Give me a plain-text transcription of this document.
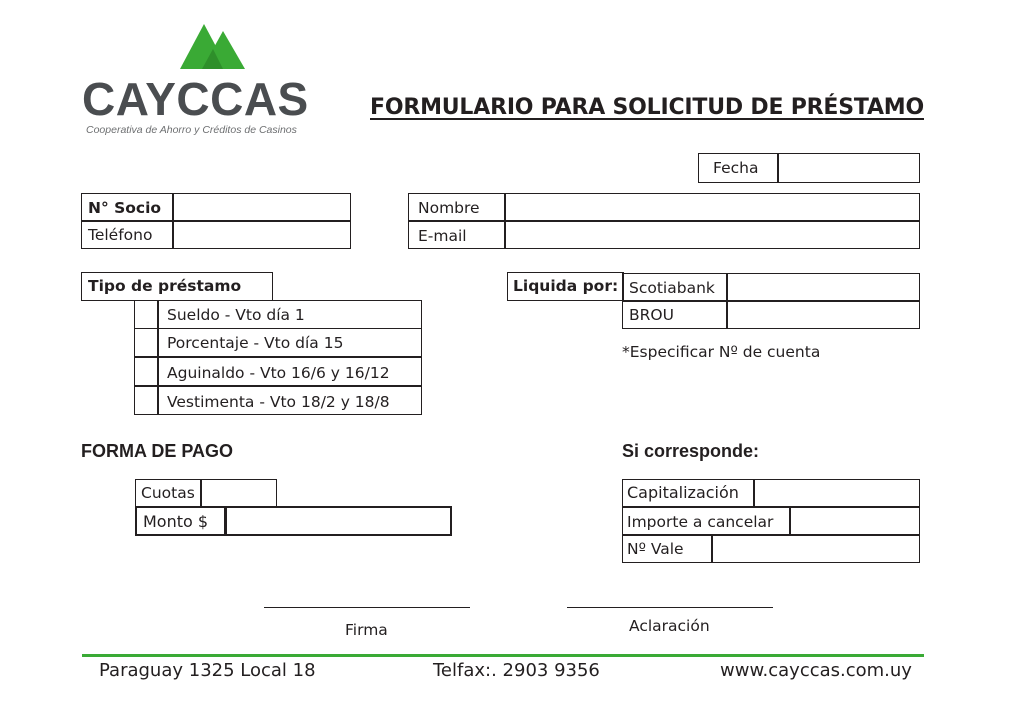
CAYCCAS
Cooperativa de Ahorro y Créditos de Casinos
FORMULARIO PARA SOLICITUD DE PRÉSTAMO
Fecha
N° Socio
Teléfono
Nombre
E-mail
Tipo de préstamo
Sueldo - Vto día 1
Porcentaje - Vto día 15
Aguinaldo - Vto 16/6 y 16/12
Vestimenta - Vto 18/2 y 18/8
Liquida por: Scotiabank
BROU
*Especificar Nº de cuenta
FORMA DE PAGO
Cuotas
Monto $
Si corresponde:
Capitalización
Importe a cancelar
Nº Vale
Firma	Aclaración
Paraguay 1325 Local 18	Telfax:. 2903 9356	www.cayccas.com.uy
